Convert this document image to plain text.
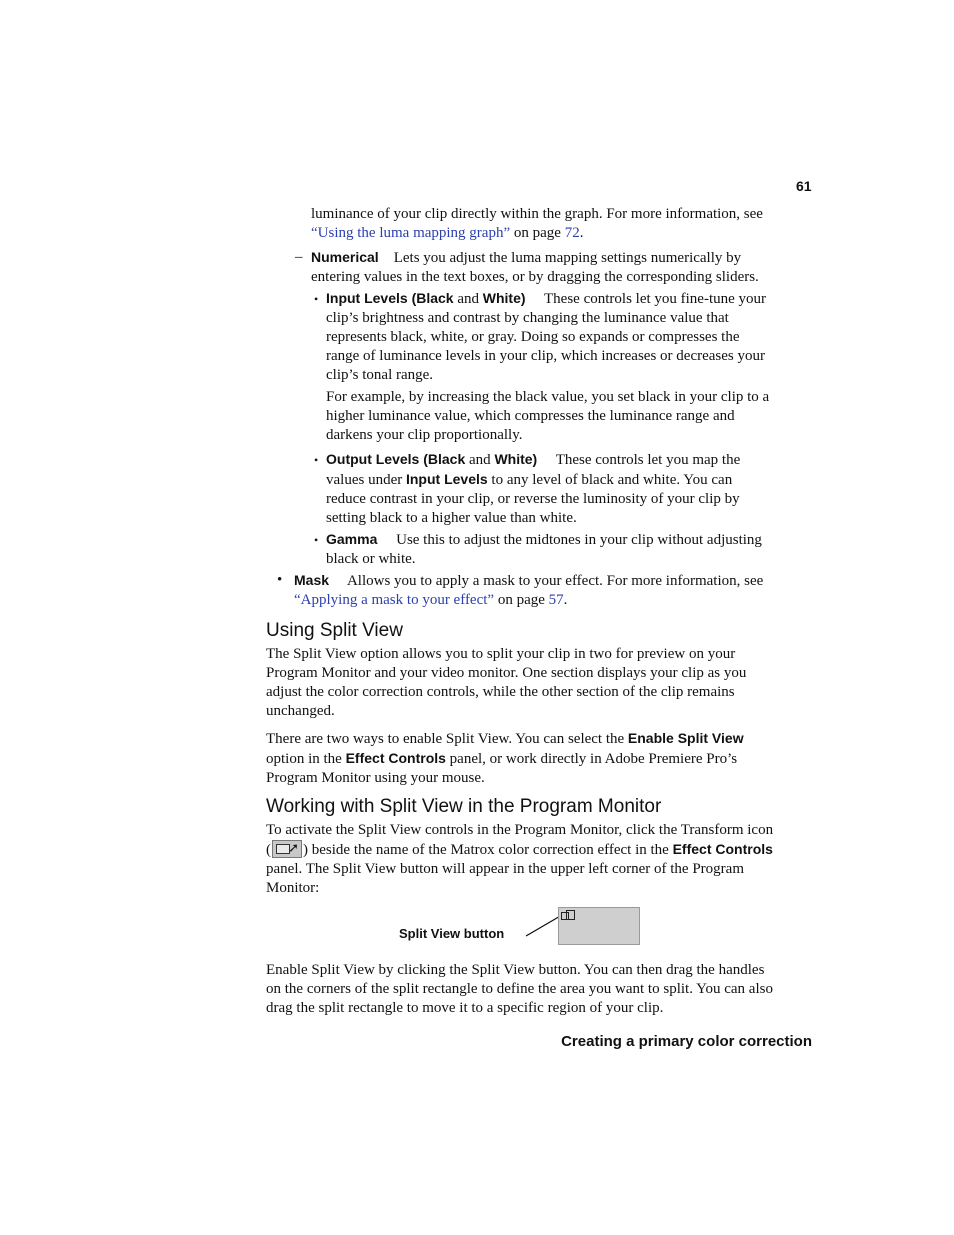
61

luminance of your clip directly within the graph. For more information, see “Using the luma mapping graph” on page 72.

– Numerical Lets you adjust the luma mapping settings numerically by entering values in the text boxes, or by dragging the corresponding sliders.

• Input Levels (Black and White) These controls let you fine-tune your clip’s brightness and contrast by changing the luminance value that represents black, white, or gray. Doing so expands or compresses the range of luminance levels in your clip, which increases or decreases your clip’s tonal range.

For example, by increasing the black value, you set black in your clip to a higher luminance value, which compresses the luminance range and darkens your clip proportionally.

• Output Levels (Black and White) These controls let you map the values under Input Levels to any level of black and white. You can reduce contrast in your clip, or reverse the luminosity of your clip by setting black to a higher value than white.

• Gamma Use this to adjust the midtones in your clip without adjusting black or white.

• Mask Allows you to apply a mask to your effect. For more information, see “Applying a mask to your effect” on page 57.

Using Split View

The Split View option allows you to split your clip in two for preview on your Program Monitor and your video monitor. One section displays your clip as you adjust the color correction controls, while the other section of the clip remains unchanged.

There are two ways to enable Split View. You can select the Enable Split View option in the Effect Controls panel, or work directly in Adobe Premiere Pro’s Program Monitor using your mouse.

Working with Split View in the Program Monitor

To activate the Split View controls in the Program Monitor, click the Transform icon ( ➚ ) beside the name of the Matrox color correction effect in the Effect Controls panel. The Split View button will appear in the upper left corner of the Program Monitor:

Split View button

Enable Split View by clicking the Split View button. You can then drag the handles on the corners of the split rectangle to define the area you want to split. You can also drag the split rectangle to move it to a specific region of your clip.

Creating a primary color correction
